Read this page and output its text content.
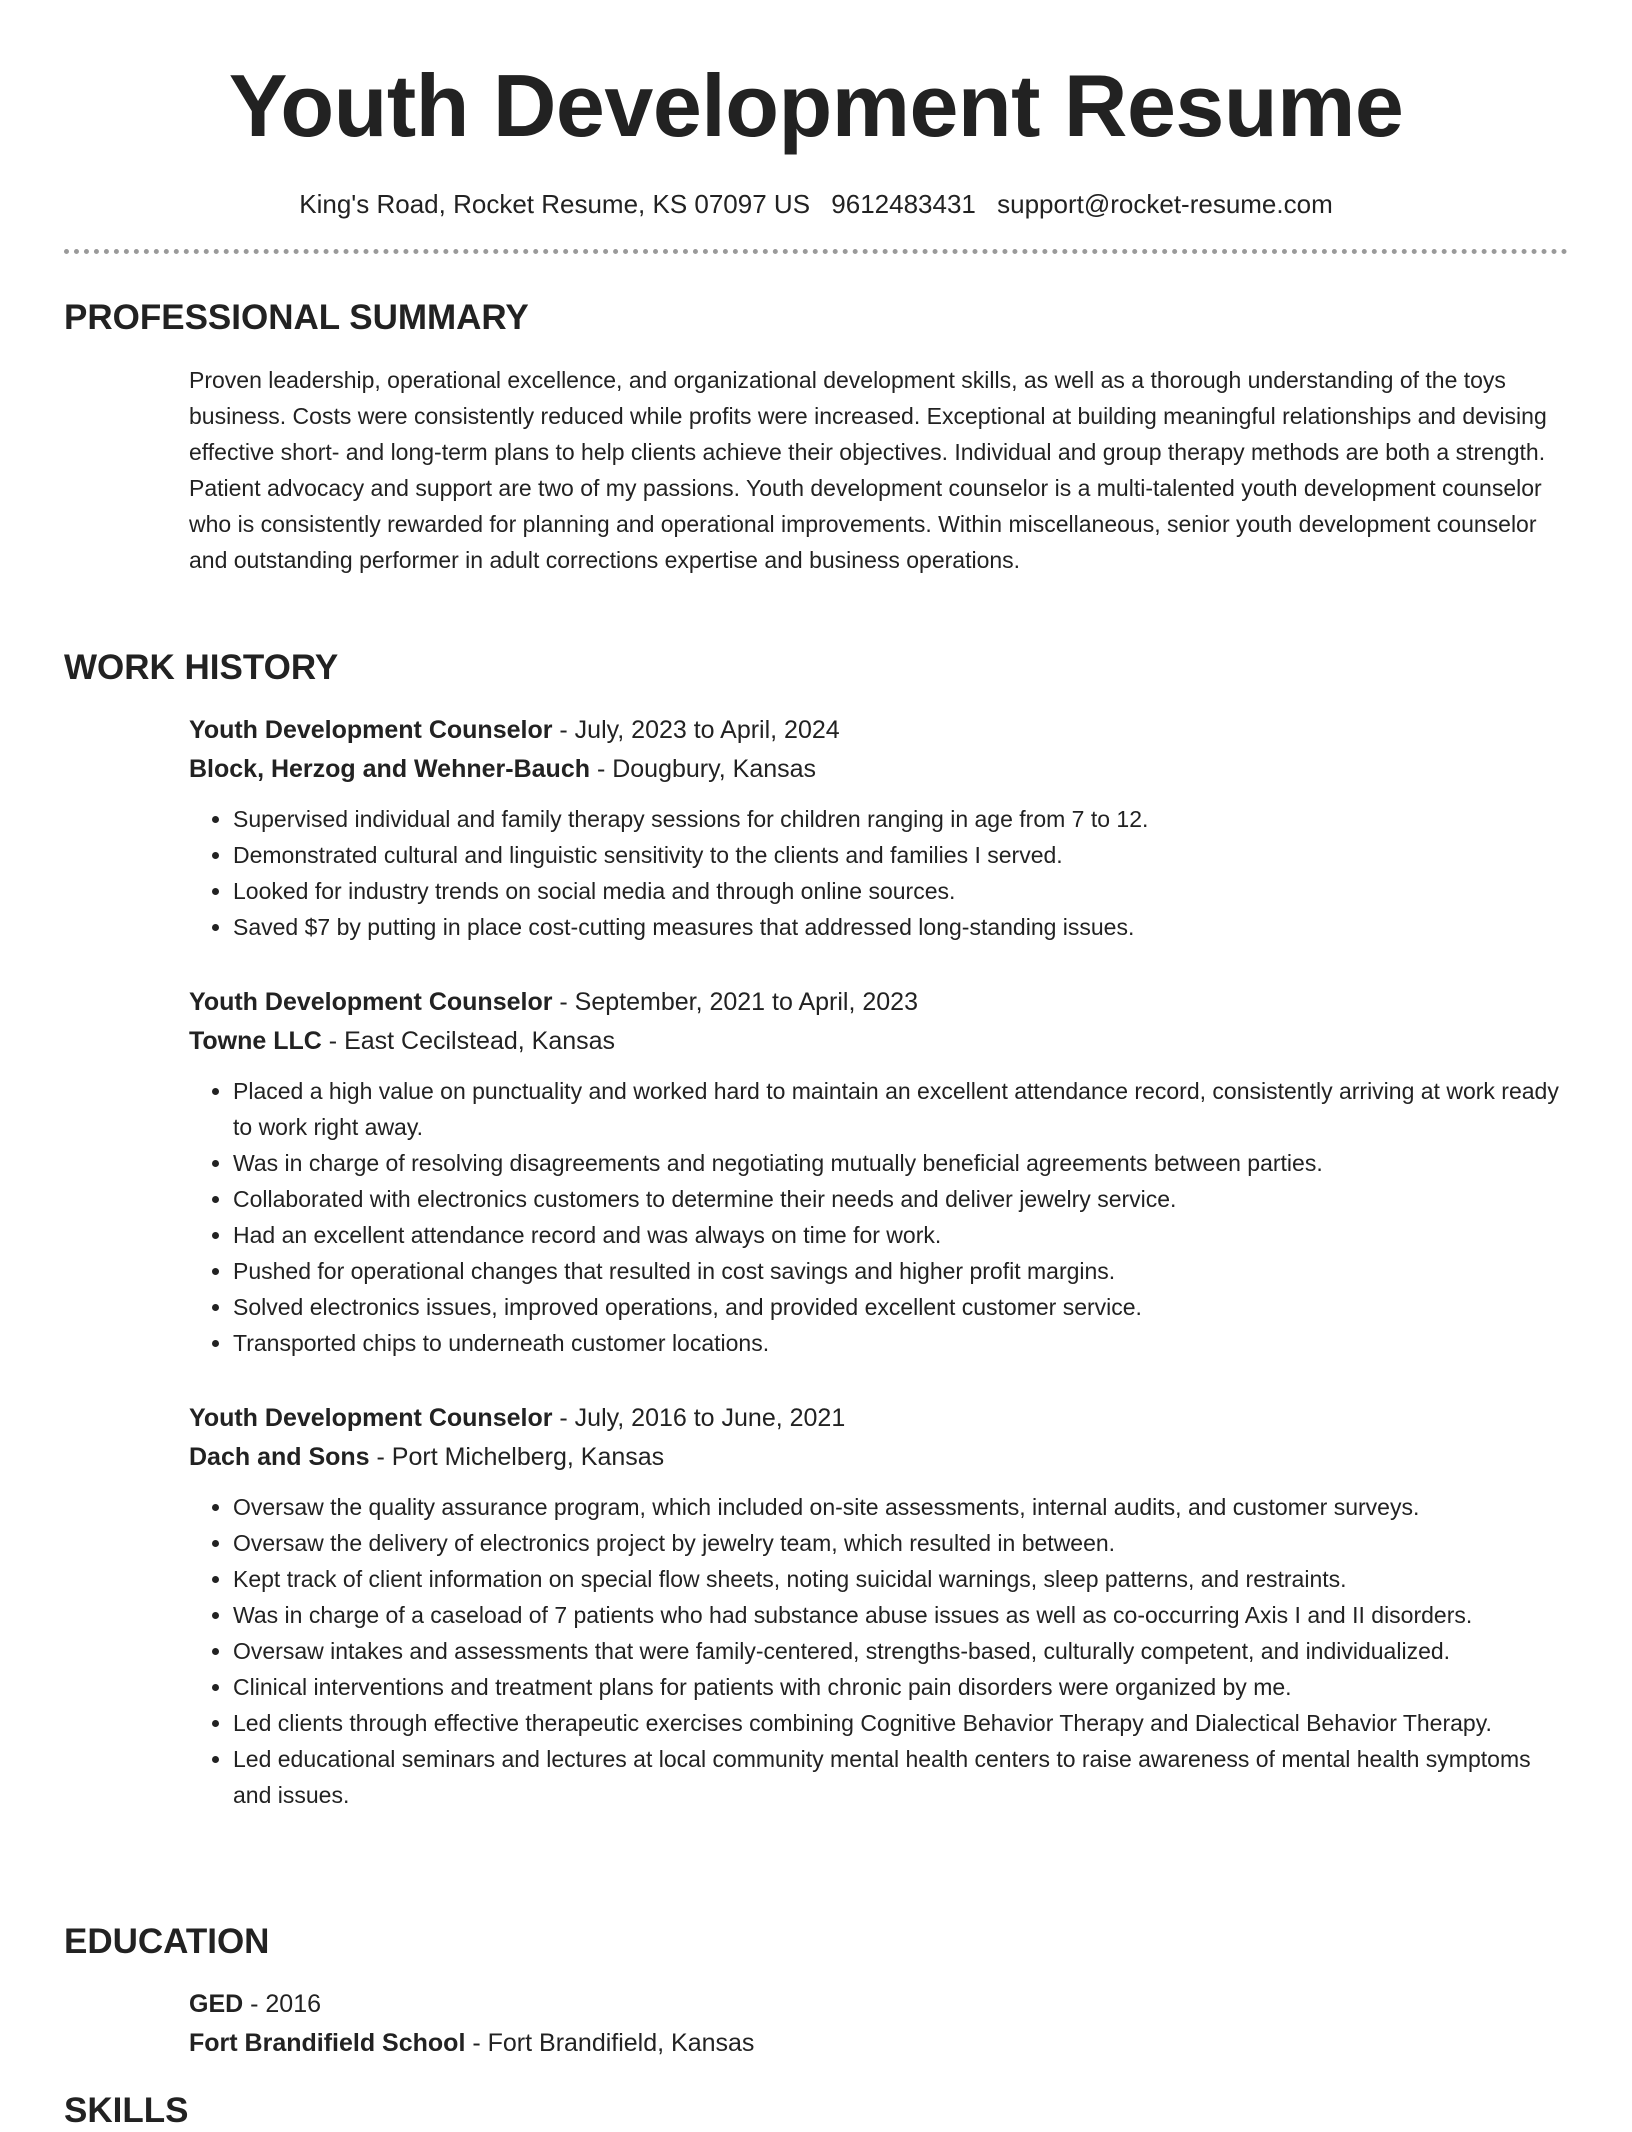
Youth Development Resume
King's Road, Rocket Resume, KS 07097 US 9612483431 support@rocket-resume.com
PROFESSIONAL SUMMARY

Proven leadership, operational excellence, and organizational development skills, as well as a thorough understanding of the toys business. Costs were consistently reduced while profits were increased. Exceptional at building meaningful relationships and devising effective short- and long-term plans to help clients achieve their objectives. Individual and group therapy methods are both a strength. Patient advocacy and support are two of my passions. Youth development counselor is a multi-talented youth development counselor who is consistently rewarded for planning and operational improvements. Within miscellaneous, senior youth development counselor and outstanding performer in adult corrections expertise and business operations.

WORK HISTORY
Youth Development Counselor - July, 2023 to April, 2024
Block, Herzog and Wehner-Bauch - Dougbury, Kansas
• Supervised individual and family therapy sessions for children ranging in age from 7 to 12.
• Demonstrated cultural and linguistic sensitivity to the clients and families I served.
• Looked for industry trends on social media and through online sources.
• Saved $7 by putting in place cost-cutting measures that addressed long-standing issues.
Youth Development Counselor - September, 2021 to April, 2023
Towne LLC - East Cecilstead, Kansas
• Placed a high value on punctuality and worked hard to maintain an excellent attendance record, consistently arriving at work ready to work right away.
• Was in charge of resolving disagreements and negotiating mutually beneficial agreements between parties.
• Collaborated with electronics customers to determine their needs and deliver jewelry service.
• Had an excellent attendance record and was always on time for work.
• Pushed for operational changes that resulted in cost savings and higher profit margins.
• Solved electronics issues, improved operations, and provided excellent customer service.
• Transported chips to underneath customer locations.
Youth Development Counselor - July, 2016 to June, 2021
Dach and Sons - Port Michelberg, Kansas
• Oversaw the quality assurance program, which included on-site assessments, internal audits, and customer surveys.
• Oversaw the delivery of electronics project by jewelry team, which resulted in between.
• Kept track of client information on special flow sheets, noting suicidal warnings, sleep patterns, and restraints.
• Was in charge of a caseload of 7 patients who had substance abuse issues as well as co-occurring Axis I and II disorders.
• Oversaw intakes and assessments that were family-centered, strengths-based, culturally competent, and individualized.
• Clinical interventions and treatment plans for patients with chronic pain disorders were organized by me.
• Led clients through effective therapeutic exercises combining Cognitive Behavior Therapy and Dialectical Behavior Therapy.
• Led educational seminars and lectures at local community mental health centers to raise awareness of mental health symptoms and issues.
EDUCATION
GED - 2016
Fort Brandifield School - Fort Brandifield, Kansas
SKILLS
